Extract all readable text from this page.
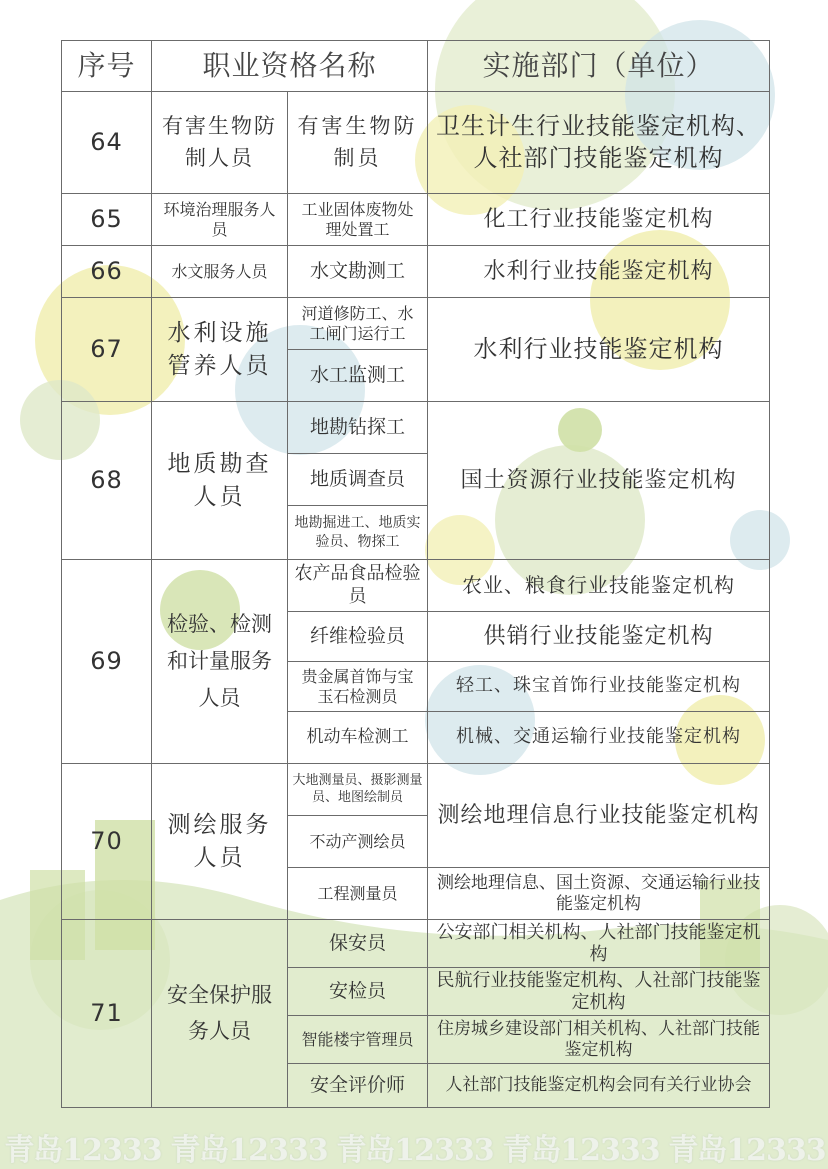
青岛12333 青岛12333 青岛12333 青岛12333 青岛12333
序号	职业资格名称		实施部门（单位）
64	有害生物防制人员	有害生物防制员	卫生计生行业技能鉴定机构、人社部门技能鉴定机构
65	环境治理服务人员	工业固体废物处理处置工	化工行业技能鉴定机构
66	水文服务人员	水文勘测工	水利行业技能鉴定机构
67	水利设施管养人员	河道修防工、水工闸门运行工	水利行业技能鉴定机构
		水工监测工	
68	地质勘查人员	地勘钻探工	国土资源行业技能鉴定机构
		地质调查员	
		地勘掘进工、地质实验员、物探工	
69	检验、检测和计量服务人员	农产品食品检验员	农业、粮食行业技能鉴定机构
		纤维检验员	供销行业技能鉴定机构
		贵金属首饰与宝玉石检测员	轻工、珠宝首饰行业技能鉴定机构
		机动车检测工	机械、交通运输行业技能鉴定机构
70	测绘服务人员	大地测量员、摄影测量员、地图绘制员	测绘地理信息行业技能鉴定机构
		不动产测绘员	
		工程测量员	测绘地理信息、国土资源、交通运输行业技能鉴定机构
71	安全保护服务人员	保安员	公安部门相关机构、人社部门技能鉴定机构
		安检员	民航行业技能鉴定机构、人社部门技能鉴定机构
		智能楼宇管理员	住房城乡建设部门相关机构、人社部门技能鉴定机构
		安全评价师	人社部门技能鉴定机构会同有关行业协会
